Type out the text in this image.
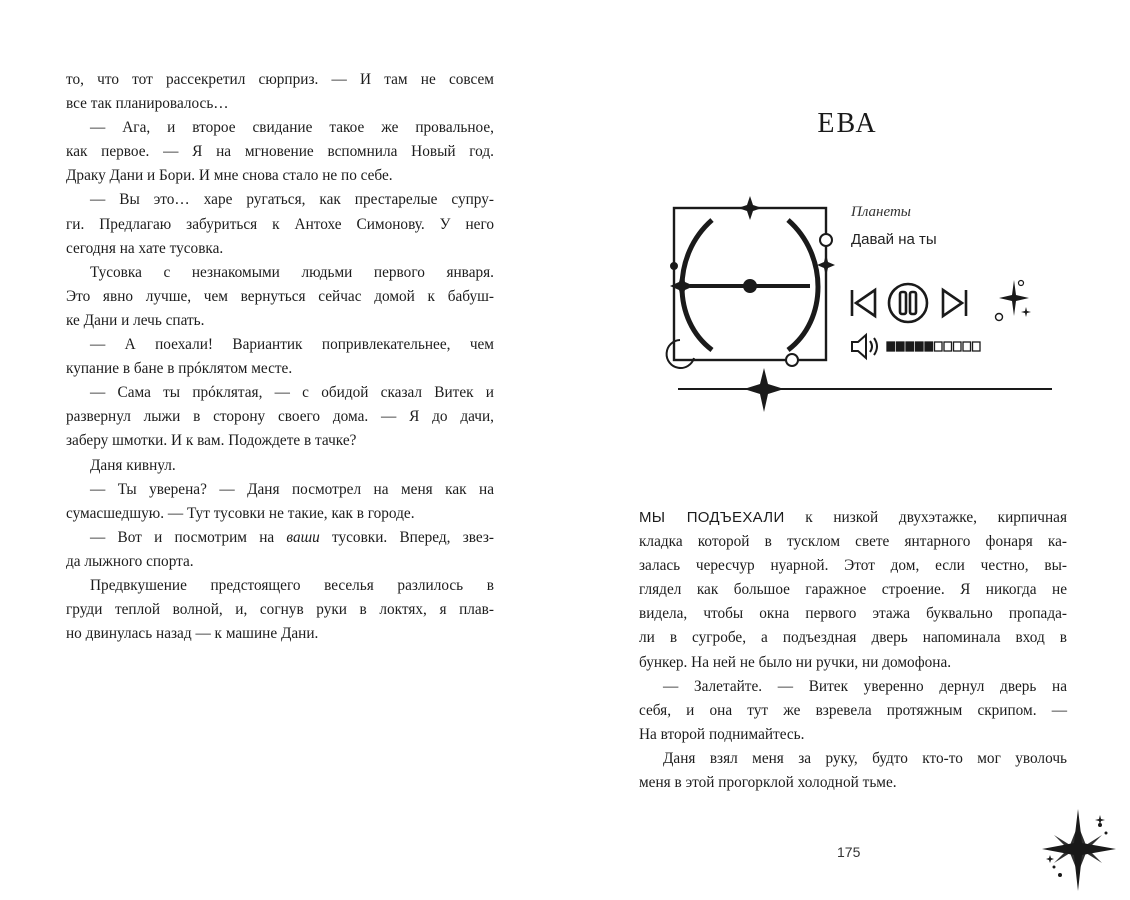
то, что тот рассекретил сюрприз. — И там не совсем
все так планировалось…
— Ага, и второе свидание такое же провальное,
как первое. — Я на мгновение вспомнила Новый год.
Драку Дани и Бори. И мне снова стало не по себе.
— Вы это… харе ругаться, как престарелые супру-
ги. Предлагаю забуриться к Антохе Симонову. У него
сегодня на хате тусовка.
Тусовка с незнакомыми людьми первого января.
Это явно лучше, чем вернуться сейчас домой к бабуш-
ке Дани и лечь спать.
— А поехали! Вариантик попривлекательнее, чем
купание в бане в прóклятом месте.
— Сама ты прóклятая, — с обидой сказал Витек и
развернул лыжи в сторону своего дома. — Я до дачи,
заберу шмотки. И к вам. Подождете в тачке?
Даня кивнул.
— Ты уверена? — Даня посмотрел на меня как на
сумасшедшую. — Тут тусовки не такие, как в городе.
— Вот и посмотрим на ваши тусовки. Вперед, звез-
да лыжного спорта.
Предвкушение предстоящего веселья разлилось в
груди теплой волной, и, согнув руки в локтях, я плав-
но двинулась назад — к машине Дани.
ЕВА
Планеты
Давай на ты
МЫ ПОДЪЕХАЛИ к низкой двухэтажке, кирпичная
кладка которой в тусклом свете янтарного фонаря ка-
залась чересчур нуарной. Этот дом, если честно, вы-
глядел как большое гаражное строение. Я никогда не
видела, чтобы окна первого этажа буквально пропада-
ли в сугробе, а подъездная дверь напоминала вход в
бункер. На ней не было ни ручки, ни домофона.
— Залетайте. — Витек уверенно дернул дверь на
себя, и она тут же взревела протяжным скрипом. —
На второй поднимайтесь.
Даня взял меня за руку, будто кто-то мог уволочь
меня в этой прогорклой холодной тьме.
175
